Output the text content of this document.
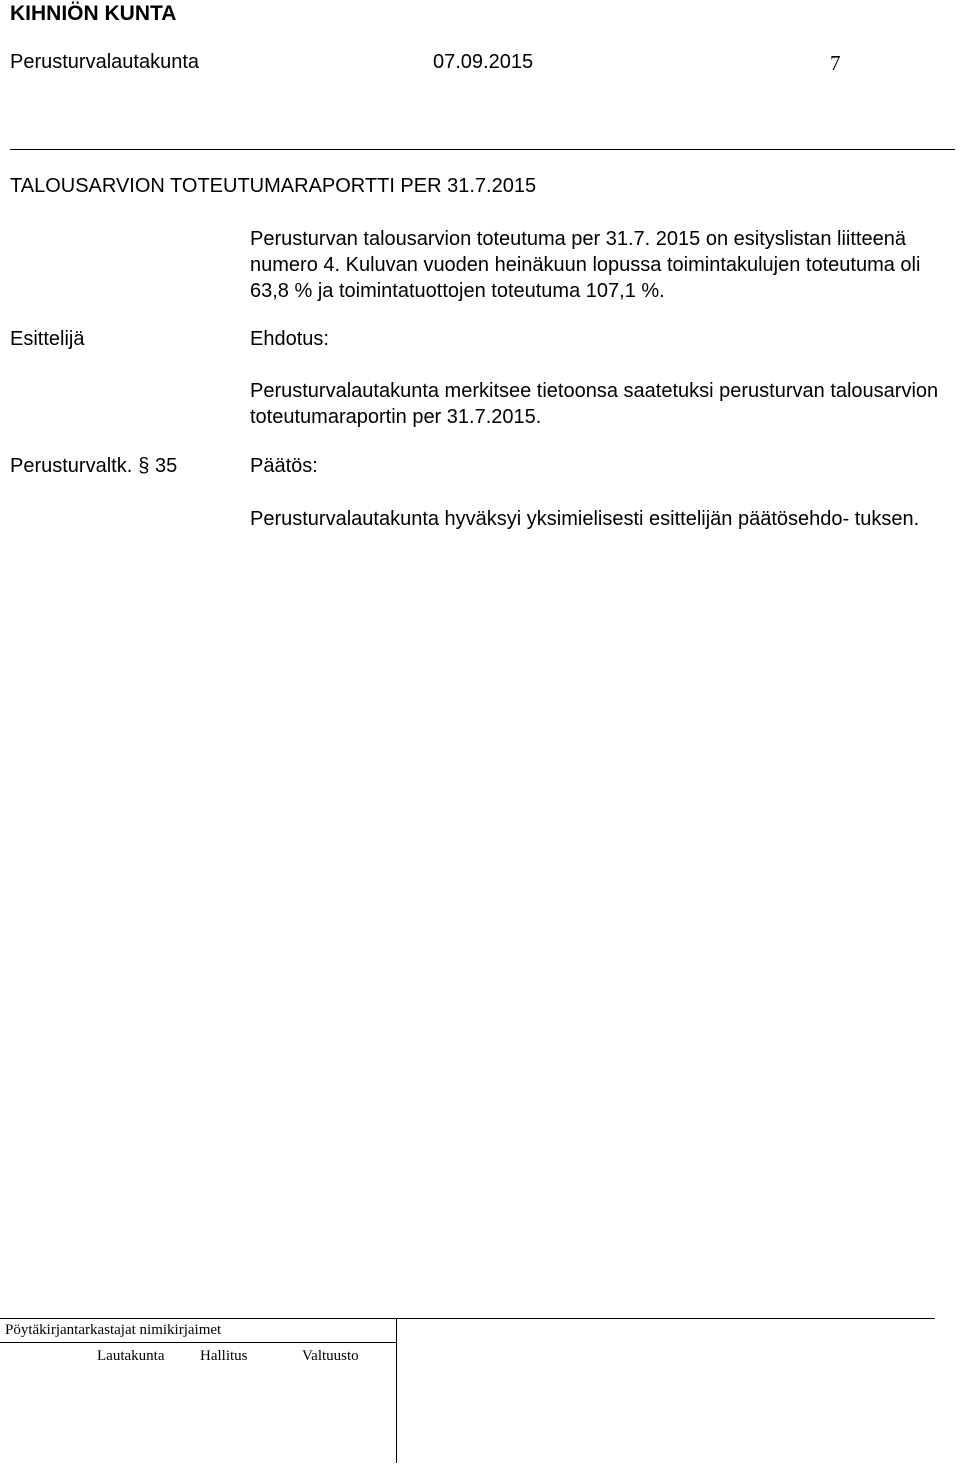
KIHNIÖN KUNTA
Perusturvalautakunta	07.09.2015	7
TALOUSARVION TOTEUTUMARAPORTTI PER 31.7.2015
Perusturvan talousarvion toteutuma per 31.7. 2015 on esityslistan liitteenä numero 4. Kuluvan vuoden heinäkuun lopussa toimintakulujen toteutuma oli 63,8 % ja toimintatuottojen toteutuma 107,1 %.
Esittelijä	Ehdotus:
Perusturvalautakunta merkitsee tietoonsa saatetuksi perusturvan talousarvion toteutumaraportin per 31.7.2015.
Perusturvaltk. § 35	Päätös:
Perusturvalautakunta hyväksyi yksimielisesti esittelijän päätösehdo- tuksen.
Pöytäkirjantarkastajat nimikirjaimet
Lautakunta Hallitus	Valtuusto
